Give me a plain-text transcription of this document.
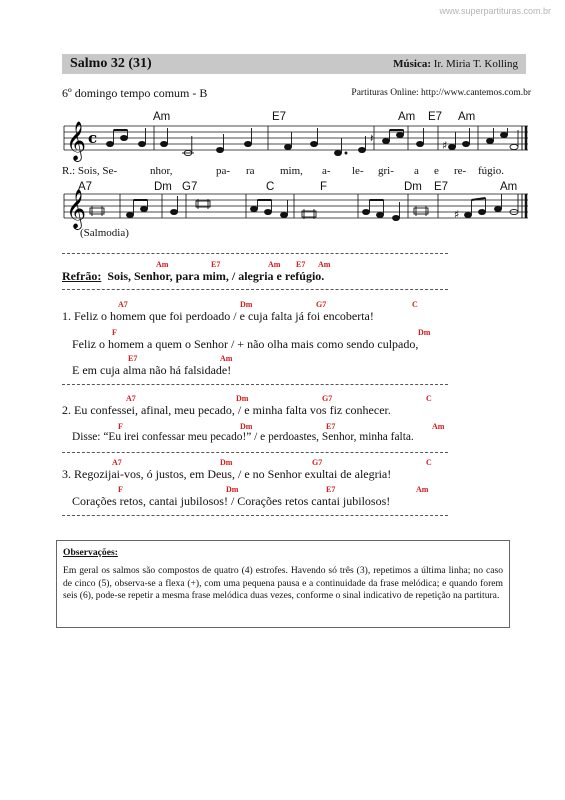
www.superpartituras.com.br
Salmo 32 (31)	Música: Ir. Miria T. Kolling
6º domingo tempo comum - B	Partituras Online: http://www.cantemos.com.br
𝄞 c	♯
𝄽
Am	E7	Am E7 Am
R.: Sois, Se-	nhor,	pa- ra mim, a- le- gri- a e re- fúgio.
𝄞	♯
A7	Dm G7	C	F	Dm E7	Am
(Salmodia)
Am	E7	Am E7 Am
Refrão: Sois, Senhor, para mim, / alegria e refúgio.
A7	Dm	G7	C
1. Feliz o homem que foi perdoado / e cuja falta já foi encoberta!
F	Dm
Feliz o homem a quem o Senhor / + não olha mais como sendo culpado,
E7	Am
E em cuja alma não há falsidade!
A7	Dm	G7	C
2. Eu confessei, afinal, meu pecado, / e minha falta vos fiz conhecer.
F	Dm	E7	Am
Disse: “Eu irei confessar meu pecado!” / e perdoastes, Senhor, minha falta.
A7	Dm	G7	C
3. Regozijai-vos, ó justos, em Deus, / e no Senhor exultai de alegria!
F	Dm	E7	Am
Corações retos, cantai jubilosos! / Corações retos cantai jubilosos!
Observações:
Em geral os salmos são compostos de quatro (4) estrofes. Havendo só três (3), repetimos a última linha; no caso de cinco (5), observa-se a flexa (+), com uma pequena pausa e a continuidade da frase melódica; e quando forem seis (6), pode-se repetir a mesma frase melódica duas vezes, conforme o sinal indicativo de repetição na partitura.
